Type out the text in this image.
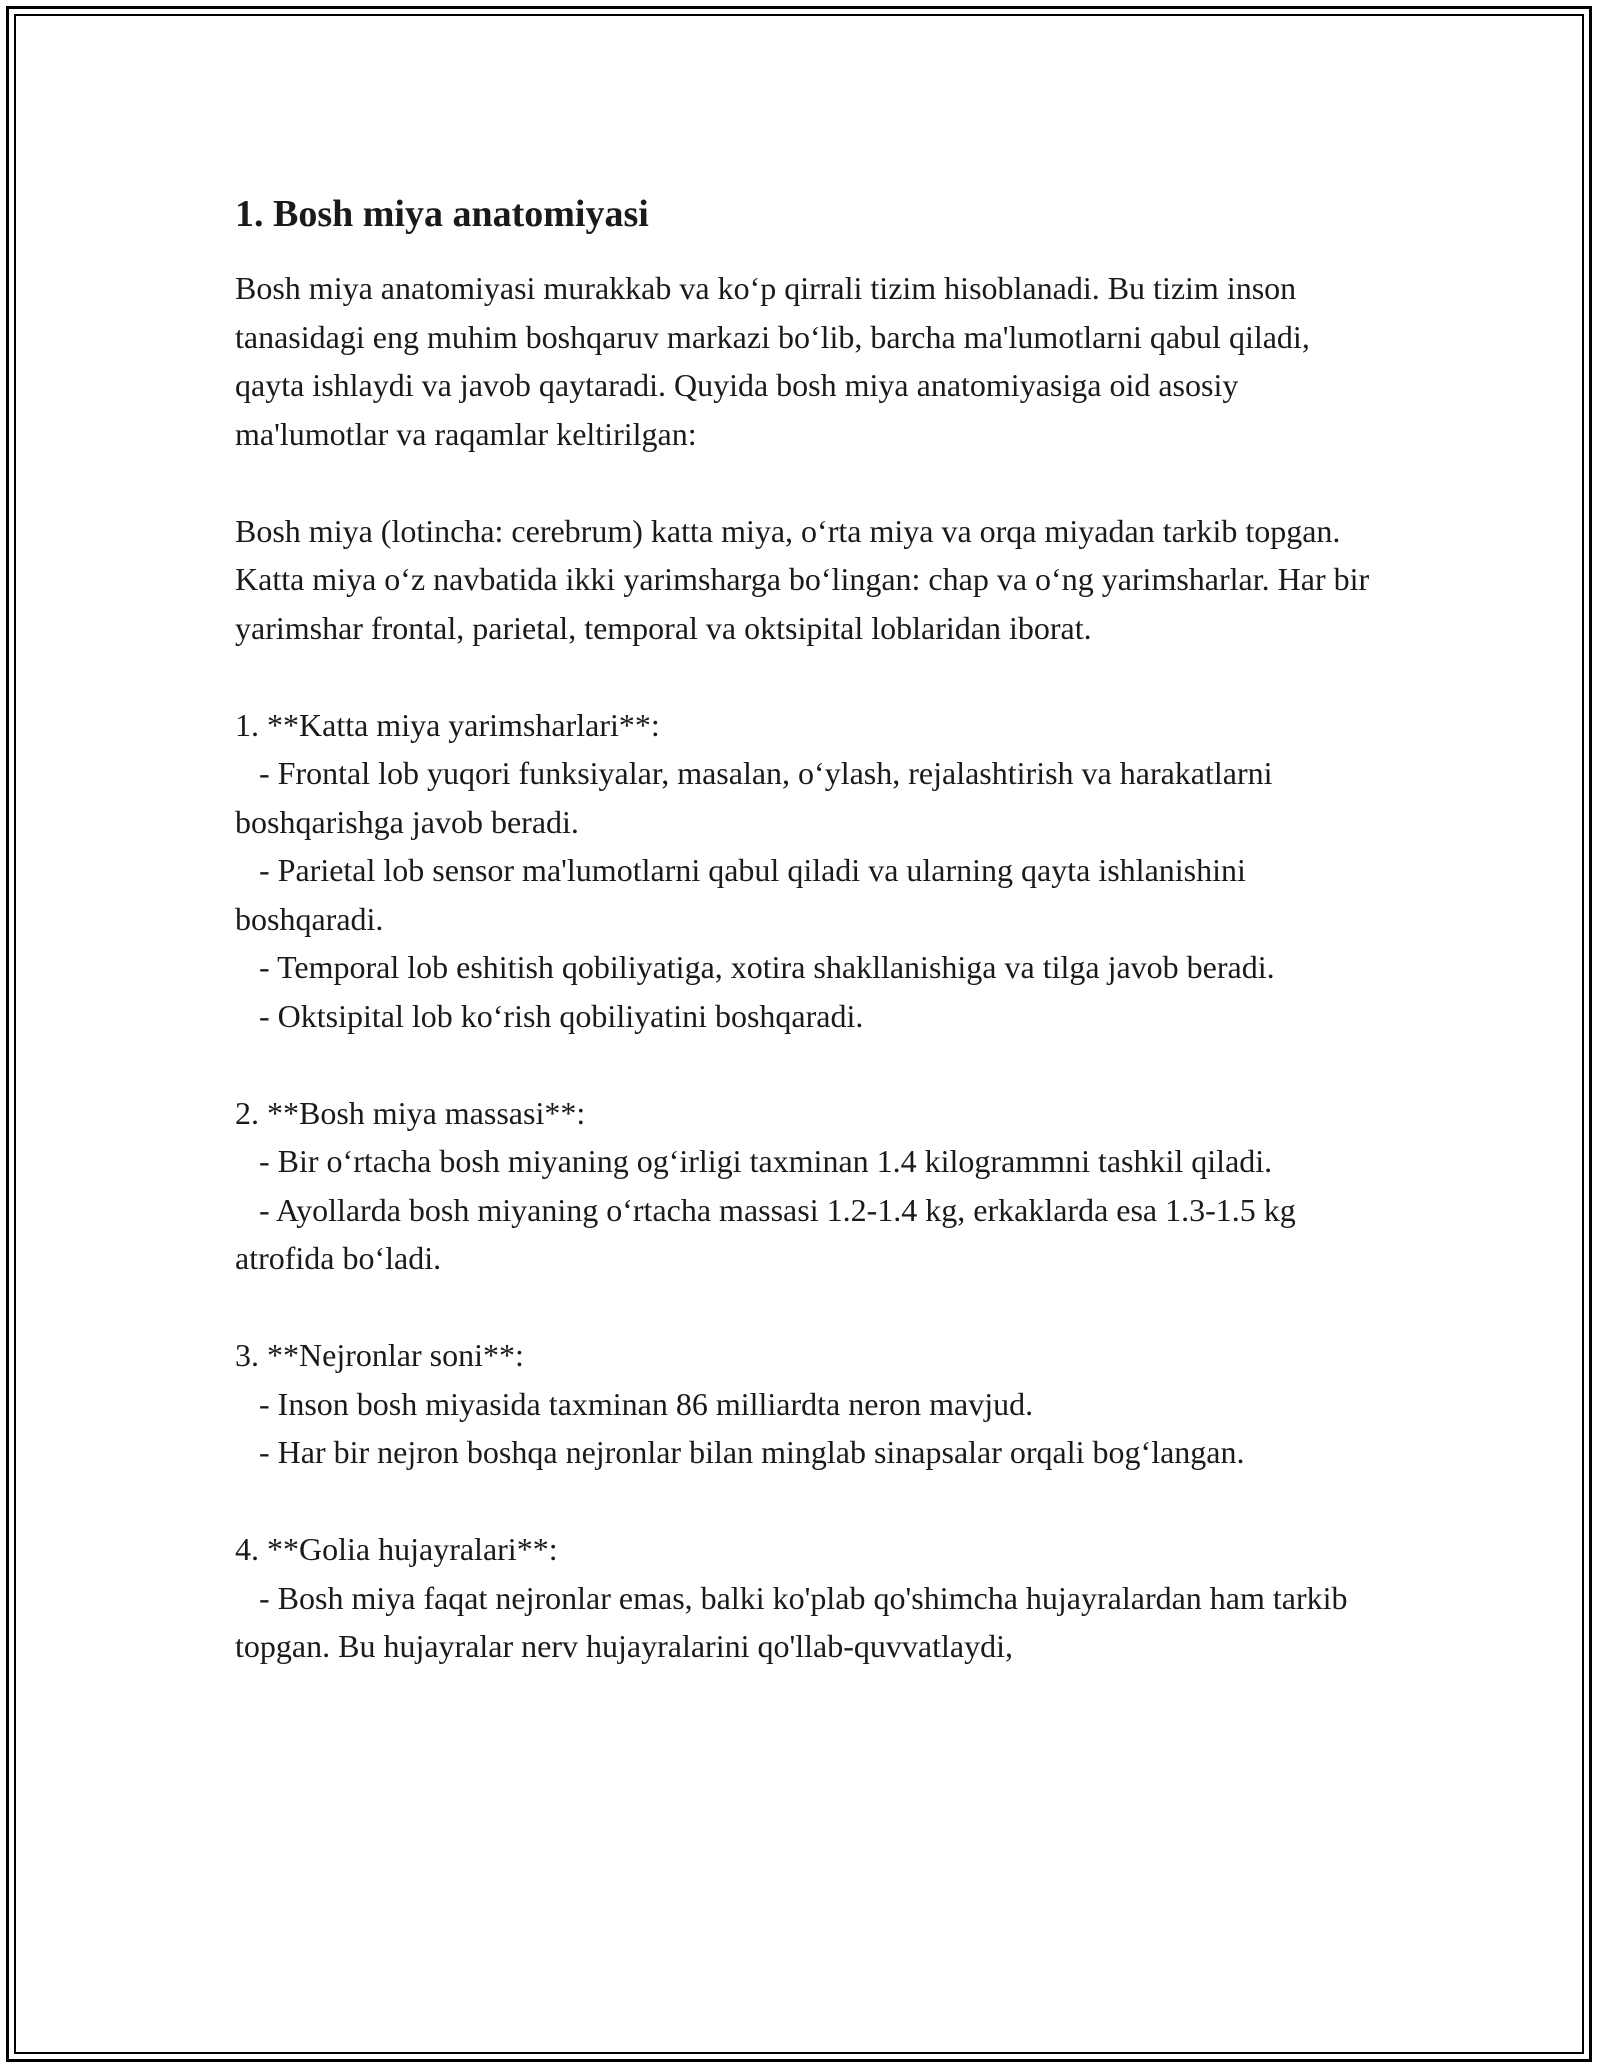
1. Bosh miya anatomiyasi
Bosh miya anatomiyasi murakkab va ko‘p qirrali tizim hisoblanadi. Bu tizim inson tanasidagi eng muhim boshqaruv markazi bo‘lib, barcha ma'lumotlarni qabul qiladi, qayta ishlaydi va javob qaytaradi. Quyida bosh miya anatomiyasiga oid asosiy ma'lumotlar va raqamlar keltirilgan:
Bosh miya (lotincha: cerebrum) katta miya, o‘rta miya va orqa miyadan tarkib topgan. Katta miya o‘z navbatida ikki yarimsharga bo‘lingan: chap va o‘ng yarimsharlar. Har bir yarimshar frontal, parietal, temporal va oktsipital loblaridan iborat.
1. **Katta miya yarimsharlari**:
- Frontal lob yuqori funksiyalar, masalan, o‘ylash, rejalashtirish va harakatlarni boshqarishga javob beradi.
- Parietal lob sensor ma'lumotlarni qabul qiladi va ularning qayta ishlanishini boshqaradi.
- Temporal lob eshitish qobiliyatiga, xotira shakllanishiga va tilga javob beradi.
- Oktsipital lob ko‘rish qobiliyatini boshqaradi.
2. **Bosh miya massasi**:
- Bir o‘rtacha bosh miyaning og‘irligi taxminan 1.4 kilogrammni tashkil qiladi.
- Ayollarda bosh miyaning o‘rtacha massasi 1.2-1.4 kg, erkaklarda esa 1.3-1.5 kg atrofida bo‘ladi.
3. **Nejronlar soni**:
- Inson bosh miyasida taxminan 86 milliardta neron mavjud.
- Har bir nejron boshqa nejronlar bilan minglab sinapsalar orqali bog‘langan.
4. **Golia hujayralari**:
- Bosh miya faqat nejronlar emas, balki ko'plab qo'shimcha hujayralardan ham tarkib topgan. Bu hujayralar nerv hujayralarini qo'llab-quvvatlaydi,
